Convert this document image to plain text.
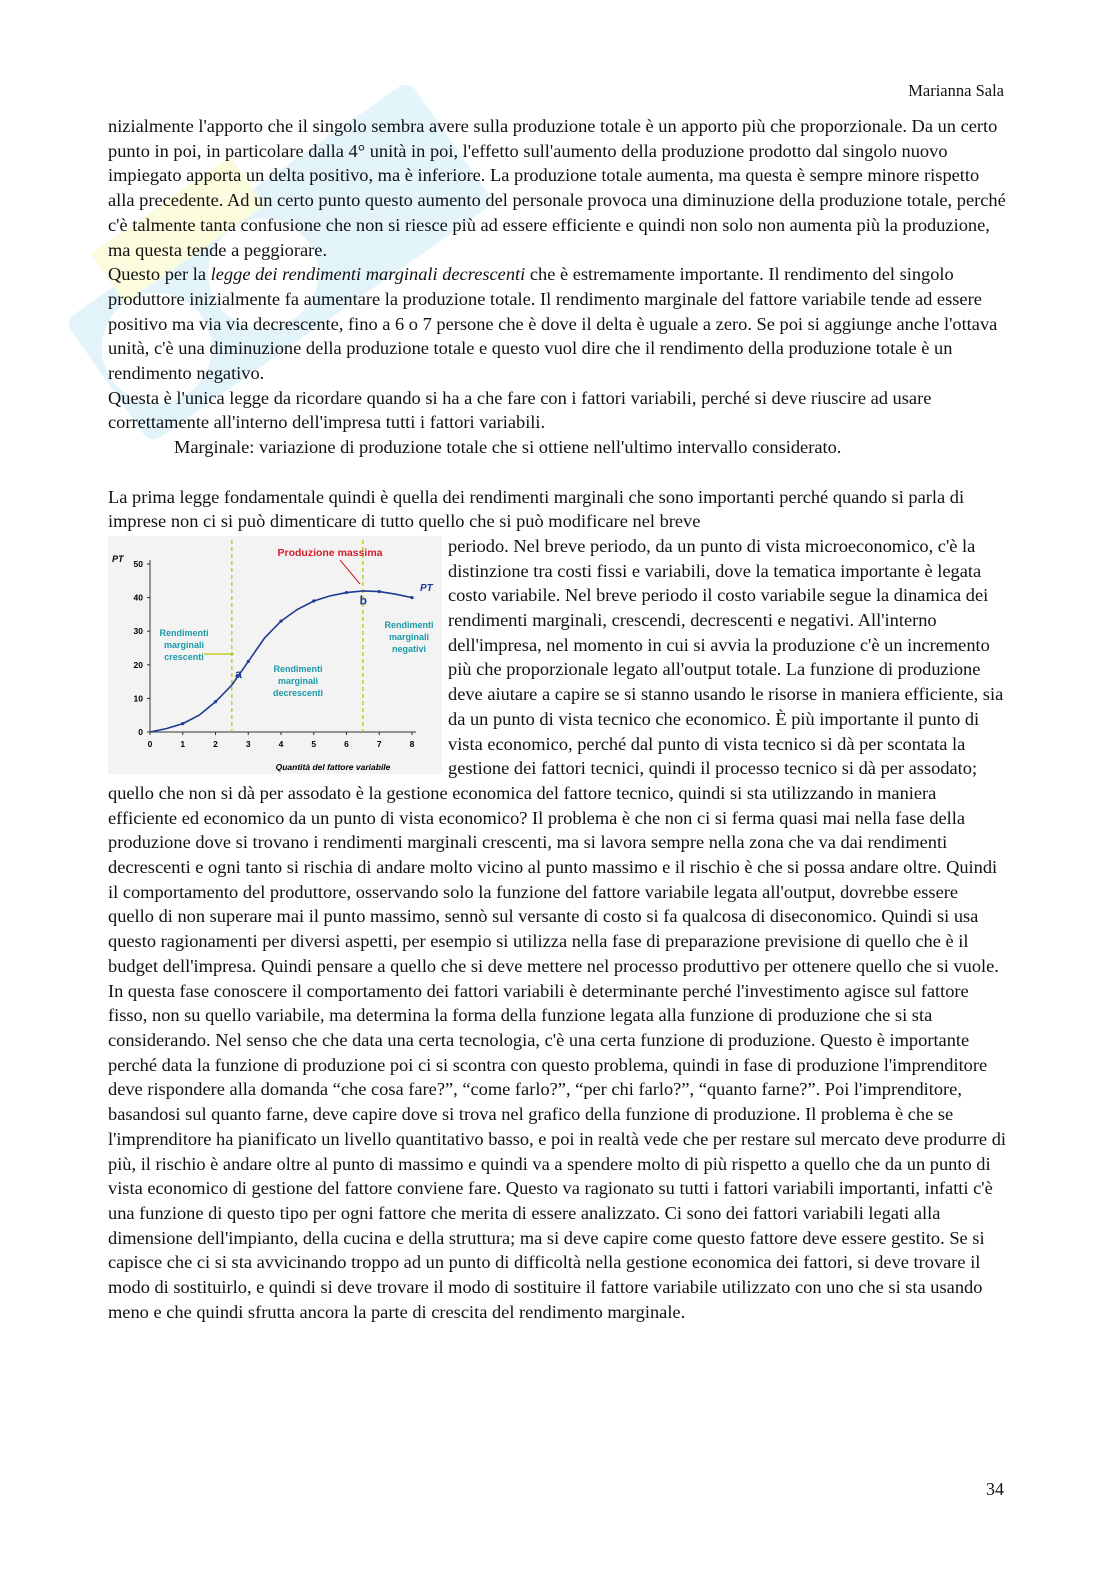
Marianna Sala

nizialmente l'apporto che il singolo sembra avere sulla produzione totale è un apporto più che proporzionale. Da un certo punto in poi, in particolare dalla 4° unità in poi, l'effetto sull'aumento della produzione prodotto dal singolo nuovo impiegato apporta un delta positivo, ma è inferiore. La produzione totale aumenta, ma questa è sempre minore rispetto alla precedente. Ad un certo punto questo aumento del personale provoca una diminuzione della produzione totale, perché c'è talmente tanta confusione che non si riesce più ad essere efficiente e quindi non solo non aumenta più la produzione, ma questa tende a peggiorare.

Questo per la legge dei rendimenti marginali decrescenti che è estremamente importante. Il rendimento del singolo produttore inizialmente fa aumentare la produzione totale. Il rendimento marginale del fattore variabile tende ad essere positivo ma via via decrescente, fino a 6 o 7 persone che è dove il delta è uguale a zero. Se poi si aggiunge anche l'ottava unità, c'è una diminuzione della produzione totale e questo vuol dire che il rendimento della produzione totale è un rendimento negativo.

Questa è l'unica legge da ricordare quando si ha a che fare con i fattori variabili, perché si deve riuscire ad usare correttamente all'interno dell'impresa tutti i fattori variabili.

Marginale: variazione di produzione totale che si ottiene nell'ultimo intervallo considerato.

La prima legge fondamentale quindi è quella dei rendimenti marginali che sono importanti perché quando si parla di imprese non ci si può dimenticare di tutto quello che si può modificare nel breve

0	1	2	3	4	5	6	7	8
0
10
20
30
40
50
Produzione massima
PT
Quantità del fattore variabile
PT
a
b
Rendimenti
marginali
crescenti
Rendimenti
marginali
decrescenti
Rendimenti
marginali
negativi

periodo. Nel breve periodo, da un punto di vista microeconomico, c'è la distinzione tra costi fissi e variabili, dove la tematica importante è legata costo variabile. Nel breve periodo il costo variabile segue la dinamica dei rendimenti marginali, crescendi, decrescenti e negativi. All'interno dell'impresa, nel momento in cui si avvia la produzione c'è un incremento più che proporzionale legato all'output totale. La funzione di produzione deve aiutare a capire se si stanno usando le risorse in maniera efficiente, sia da un punto di vista tecnico che economico. È più importante il punto di vista economico, perché dal punto di vista tecnico si dà per scontata la gestione dei fattori tecnici, quindi il processo tecnico si dà per assodato; quello che non si dà per assodato è la gestione economica del fattore tecnico, quindi si sta utilizzando in maniera efficiente ed economico da un punto di vista economico? Il problema è che non ci si ferma quasi mai nella fase della produzione dove si trovano i rendimenti marginali crescenti, ma si lavora sempre nella zona che va dai rendimenti decrescenti e ogni tanto si rischia di andare molto vicino al punto massimo e il rischio è che si possa andare oltre. Quindi il comportamento del produttore, osservando solo la funzione del fattore variabile legata all'output, dovrebbe essere quello di non superare mai il punto massimo, sennò sul versante di costo si fa qualcosa di diseconomico. Quindi si usa questo ragionamenti per diversi aspetti, per esempio si utilizza nella fase di preparazione previsione di quello che è il budget dell'impresa. Quindi pensare a quello che si deve mettere nel processo produttivo per ottenere quello che si vuole. In questa fase conoscere il comportamento dei fattori variabili è determinante perché l'investimento agisce sul fattore fisso, non su quello variabile, ma determina la forma della funzione legata alla funzione di produzione che si sta considerando. Nel senso che che data una certa tecnologia, c'è una certa funzione di produzione. Questo è importante perché data la funzione di produzione poi ci si scontra con questo problema, quindi in fase di produzione l'imprenditore deve rispondere alla domanda “che cosa fare?”, “come farlo?”, “per chi farlo?”, “quanto farne?”. Poi l'imprenditore, basandosi sul quanto farne, deve capire dove si trova nel grafico della funzione di produzione. Il problema è che se l'imprenditore ha pianificato un livello quantitativo basso, e poi in realtà vede che per restare sul mercato deve produrre di più, il rischio è andare oltre al punto di massimo e quindi va a spendere molto di più rispetto a quello che da un punto di vista economico di gestione del fattore conviene fare. Questo va ragionato su tutti i fattori variabili importanti, infatti c'è una funzione di questo tipo per ogni fattore che merita di essere analizzato. Ci sono dei fattori variabili legati alla dimensione dell'impianto, della cucina e della struttura; ma si deve capire come questo fattore deve essere gestito. Se si capisce che ci si sta avvicinando troppo ad un punto di difficoltà nella gestione economica dei fattori, si deve trovare il modo di sostituirlo, e quindi si deve trovare il modo di sostituire il fattore variabile utilizzato con uno che si sta usando meno e che quindi sfrutta ancora la parte di crescita del rendimento marginale.

34
